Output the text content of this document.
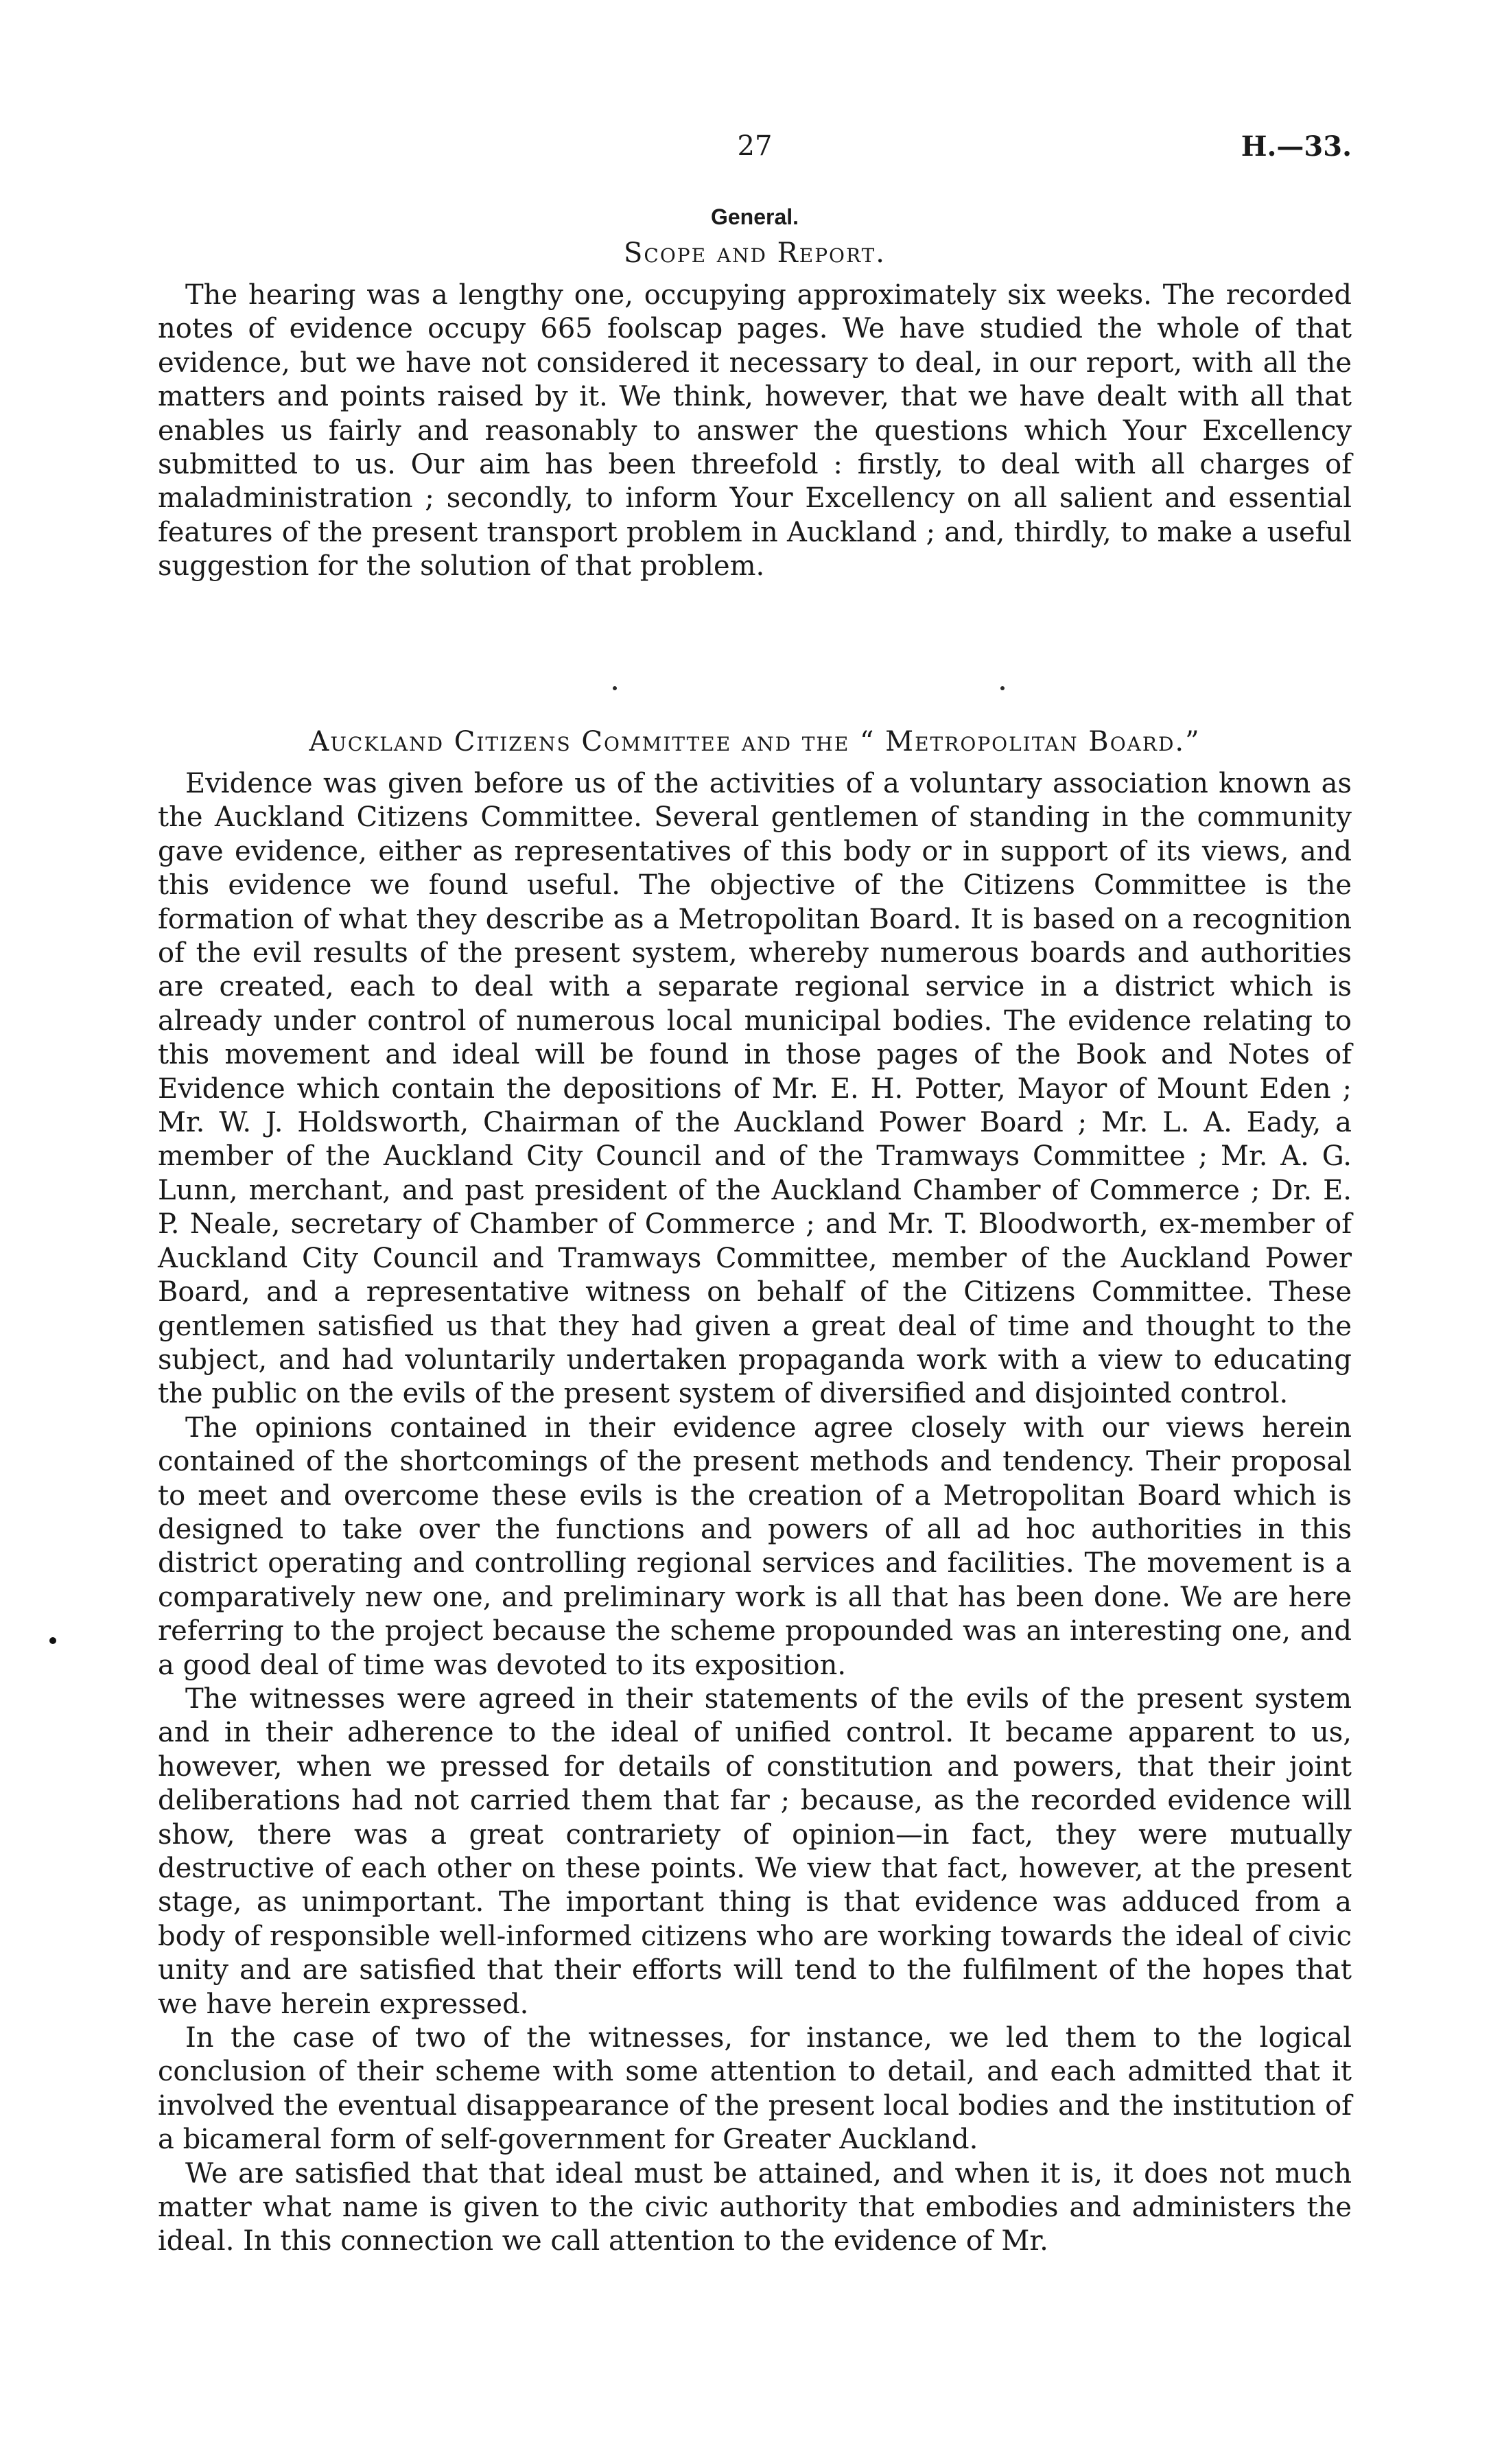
27	H.—33.
General.
Scope and Report.

The hearing was a lengthy one, occupying approximately six weeks. The recorded notes of evidence occupy 665 foolscap pages. We have studied the whole of that evidence, but we have not considered it necessary to deal, in our report, with all the matters and points raised by it. We think, however, that we have dealt with all that enables us fairly and reasonably to answer the questions which Your Excellency submitted to us. Our aim has been threefold : firstly, to deal with all charges of maladministration ; secondly, to inform Your Excellency on all salient and essential features of the present transport problem in Auckland ; and, thirdly, to make a useful suggestion for the solution of that problem.

Auckland Citizens Committee and the “ Metropolitan Board.”

Evidence was given before us of the activities of a voluntary association known as the Auckland Citizens Committee. Several gentlemen of standing in the community gave evidence, either as representatives of this body or in support of its views, and this evidence we found useful. The objective of the Citizens Committee is the formation of what they describe as a Metropolitan Board. It is based on a recognition of the evil results of the present system, whereby numerous boards and authorities are created, each to deal with a separate regional service in a district which is already under control of numerous local municipal bodies. The evidence relating to this movement and ideal will be found in those pages of the Book and Notes of Evidence which contain the depositions of Mr. E. H. Potter, Mayor of Mount Eden ; Mr. W. J. Holdsworth, Chairman of the Auckland Power Board ; Mr. L. A. Eady, a member of the Auckland City Council and of the Tramways Committee ; Mr. A. G. Lunn, merchant, and past president of the Auckland Chamber of Commerce ; Dr. E. P. Neale, secretary of Chamber of Commerce ; and Mr. T. Bloodworth, ex-member of Auckland City Council and Tramways Committee, member of the Auckland Power Board, and a representative witness on behalf of the Citizens Committee. These gentlemen satisfied us that they had given a great deal of time and thought to the subject, and had voluntarily undertaken propaganda work with a view to educating the public on the evils of the present system of diversified and disjointed control.

The opinions contained in their evidence agree closely with our views herein contained of the shortcomings of the present methods and tendency. Their proposal to meet and overcome these evils is the creation of a Metropolitan Board which is designed to take over the functions and powers of all ad hoc authorities in this district operating and controlling regional services and facilities. The movement is a comparatively new one, and preliminary work is all that has been done. We are here referring to the project because the scheme propounded was an interesting one, and a good deal of time was devoted to its exposition.

The witnesses were agreed in their statements of the evils of the present system and in their adherence to the ideal of unified control. It became apparent to us, however, when we pressed for details of constitution and powers, that their joint deliberations had not carried them that far ; because, as the recorded evidence will show, there was a great contrariety of opinion—in fact, they were mutually destructive of each other on these points. We view that fact, however, at the present stage, as unimportant. The important thing is that evidence was adduced from a body of responsible well-informed citizens who are working towards the ideal of civic unity and are satisfied that their efforts will tend to the fulfilment of the hopes that we have herein expressed.

In the case of two of the witnesses, for instance, we led them to the logical conclusion of their scheme with some attention to detail, and each admitted that it involved the eventual disappearance of the present local bodies and the institution of a bicameral form of self-government for Greater Auckland.

We are satisfied that that ideal must be attained, and when it is, it does not much matter what name is given to the civic authority that embodies and administers the ideal. In this connection we call attention to the evidence of Mr.
